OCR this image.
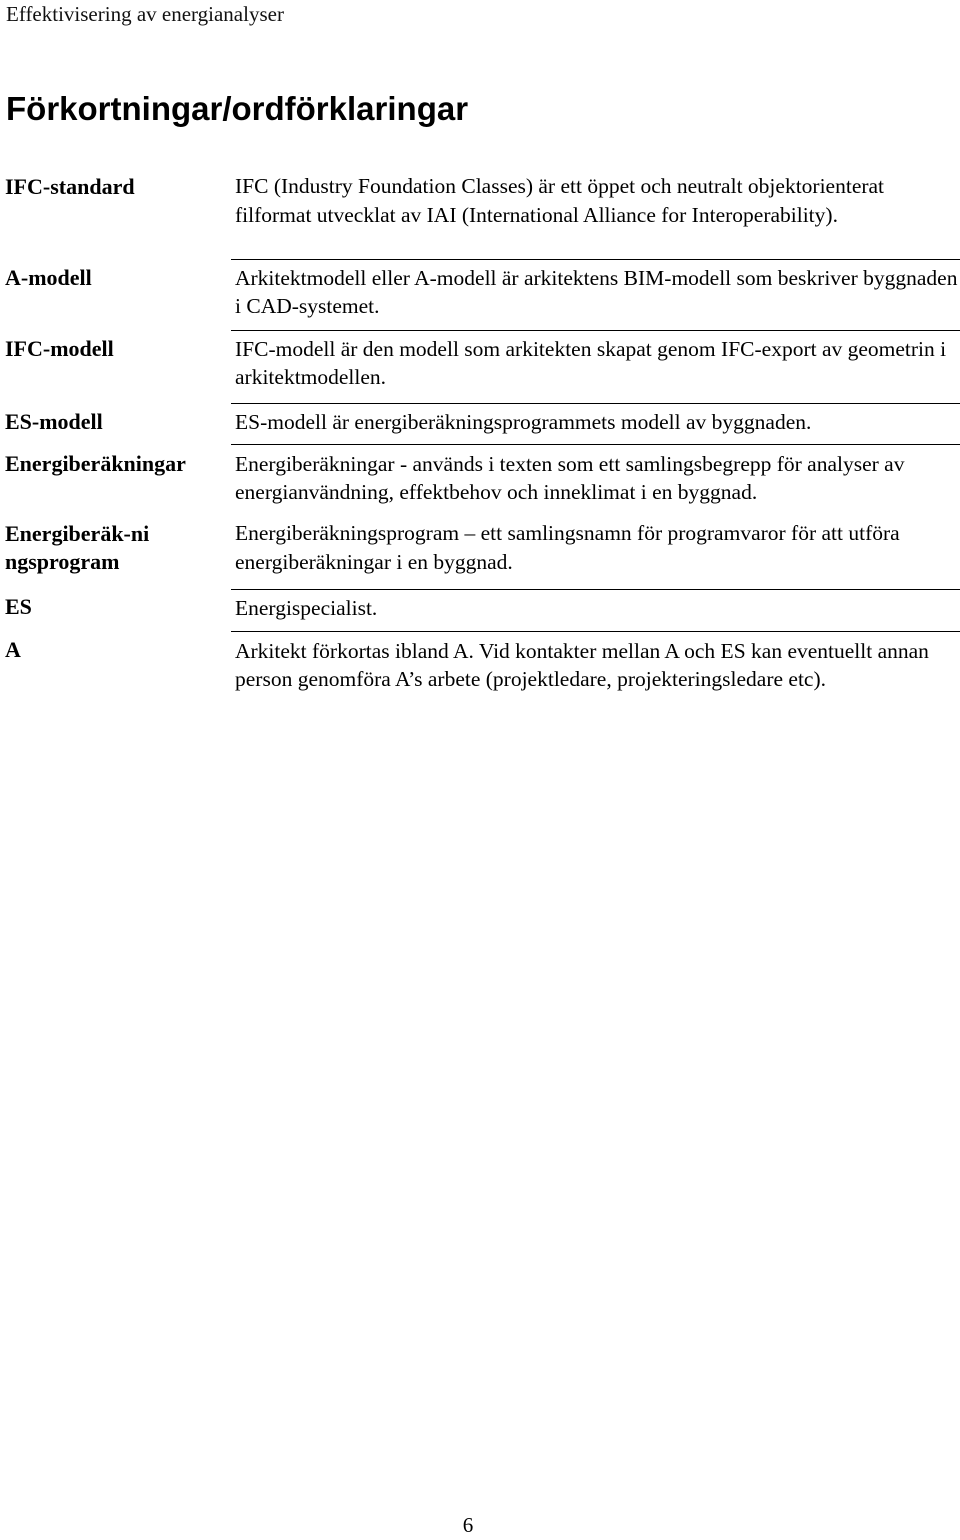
Effektivisering av energianalyser
Förkortningar/ordförklaringar
IFC-standard	IFC (Industry Foundation Classes) är ett öppet och neutralt objektorienterat filformat utvecklat av IAI (International Alliance for Interoperability).
A-modell	Arkitektmodell eller A-modell är arkitektens BIM-modell som beskriver byggnaden i CAD-systemet.
IFC-modell	IFC-modell är den modell som arkitekten skapat genom IFC-export av geometrin i arkitektmodellen.
ES-modell	ES-modell är energiberäkningsprogrammets modell av byggnaden.
Energiberäkningar	Energiberäkningar - används i texten som ett samlingsbegrepp för analyser av energianvändning, effektbehov och inneklimat i en byggnad.
Energiberäk-ningsprogram	Energiberäkningsprogram – ett samlingsnamn för programvaror för att utföra energiberäkningar i en byggnad.
ES	Energispecialist.
A	Arkitekt förkortas ibland A. Vid kontakter mellan A och ES kan eventuellt annan person genomföra A’s arbete (projektledare, projekteringsledare etc).
6
